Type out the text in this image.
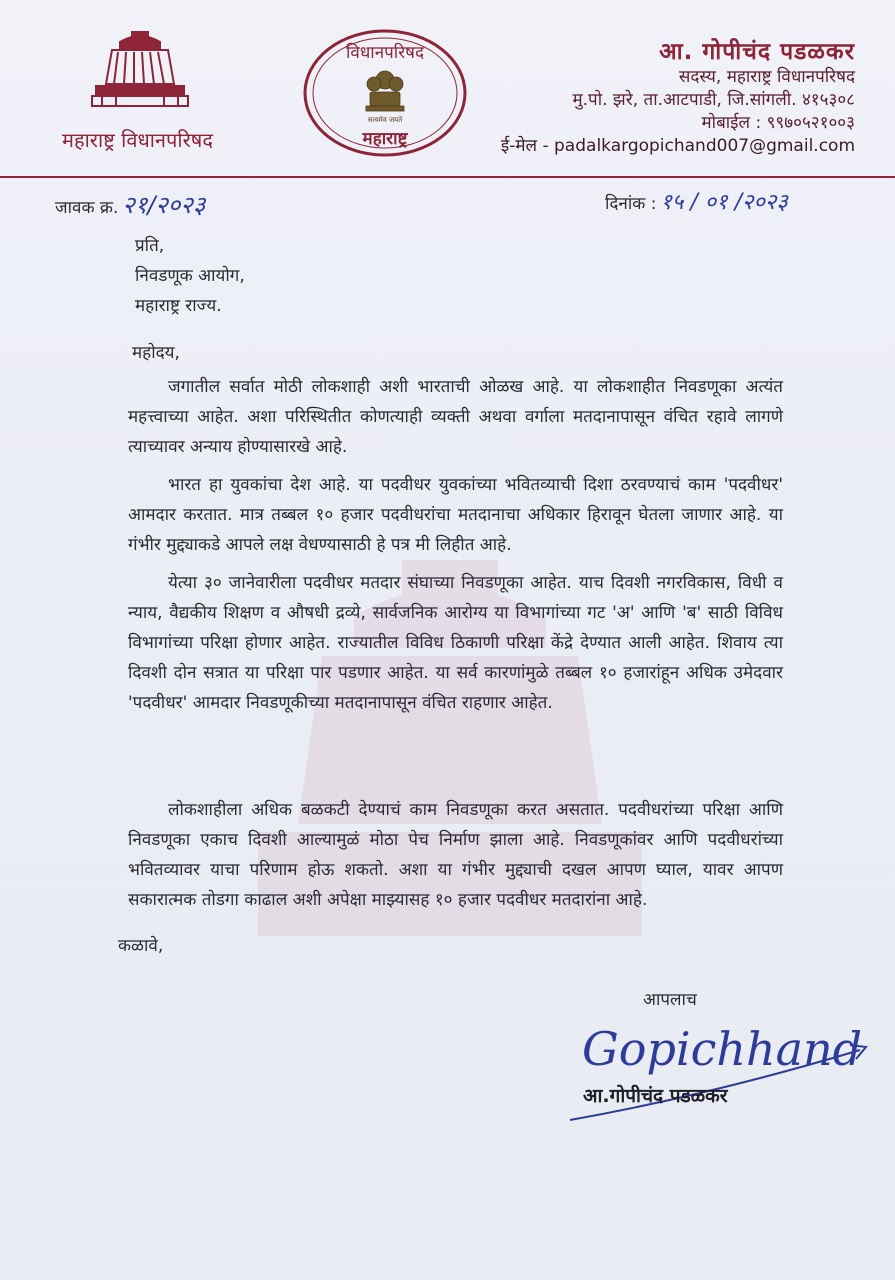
महाराष्ट्र विधानपरिषद
विधानपरिषद
सत्यमेव जयते
महाराष्ट्र
आ. गोपीचंद पडळकर
सदस्य, महाराष्ट्र विधानपरिषद
मु.पो. झरे, ता.आटपाडी, जि.सांगली. ४१५३०८
मोबाईल : ९९७०५२१००३
ई-मेल - padalkargopichand007@gmail.com
जावक क्र. २१/२०२३	दिनांक : १५ / ०१ /२०२३
प्रति,
निवडणूक आयोग,
महाराष्ट्र राज्य.
महोदय,

जगातील सर्वात मोठी लोकशाही अशी भारताची ओळख आहे. या लोकशाहीत निवडणूका अत्यंत महत्त्वाच्या आहेत. अशा परिस्थितीत कोणत्याही व्यक्ती अथवा वर्गाला मतदानापासून वंचित रहावे लागणे त्याच्यावर अन्याय होण्यासारखे आहे.

भारत हा युवकांचा देश आहे. या पदवीधर युवकांच्या भवितव्याची दिशा ठरवण्याचं काम 'पदवीधर' आमदार करतात. मात्र तब्बल १० हजार पदवीधरांचा मतदानाचा अधिकार हिरावून घेतला जाणार आहे. या गंभीर मुद्द्याकडे आपले लक्ष वेधण्यासाठी हे पत्र मी लिहीत आहे.

येत्या ३० जानेवारीला पदवीधर मतदार संघाच्या निवडणूका आहेत. याच दिवशी नगरविकास, विधी व न्याय, वैद्यकीय शिक्षण व औषधी द्रव्ये, सार्वजनिक आरोग्य या विभागांच्या गट 'अ' आणि 'ब' साठी विविध विभागांच्या परिक्षा होणार आहेत. राज्यातील विविध ठिकाणी परिक्षा केंद्रे देण्यात आली आहेत. शिवाय त्या दिवशी दोन सत्रात या परिक्षा पार पडणार आहेत. या सर्व कारणांमुळे तब्बल १० हजारांहून अधिक उमेदवार 'पदवीधर' आमदार निवडणूकीच्या मतदानापासून वंचित राहणार आहेत.

लोकशाहीला अधिक बळकटी देण्याचं काम निवडणूका करत असतात. पदवीधरांच्या परिक्षा आणि निवडणूका एकाच दिवशी आल्यामुळं मोठा पेच निर्माण झाला आहे. निवडणूकांवर आणि पदवीधरांच्या भवितव्यावर याचा परिणाम होऊ शकतो. अशा या गंभीर मुद्द्याची दखल आपण घ्याल, यावर आपण सकारात्मक तोडगा काढाल अशी अपेक्षा माझ्यासह १० हजार पदवीधर मतदारांना आहे.

कळावे,
आपलाच
Gopichhand
आ.गोपीचंद पडळकर
